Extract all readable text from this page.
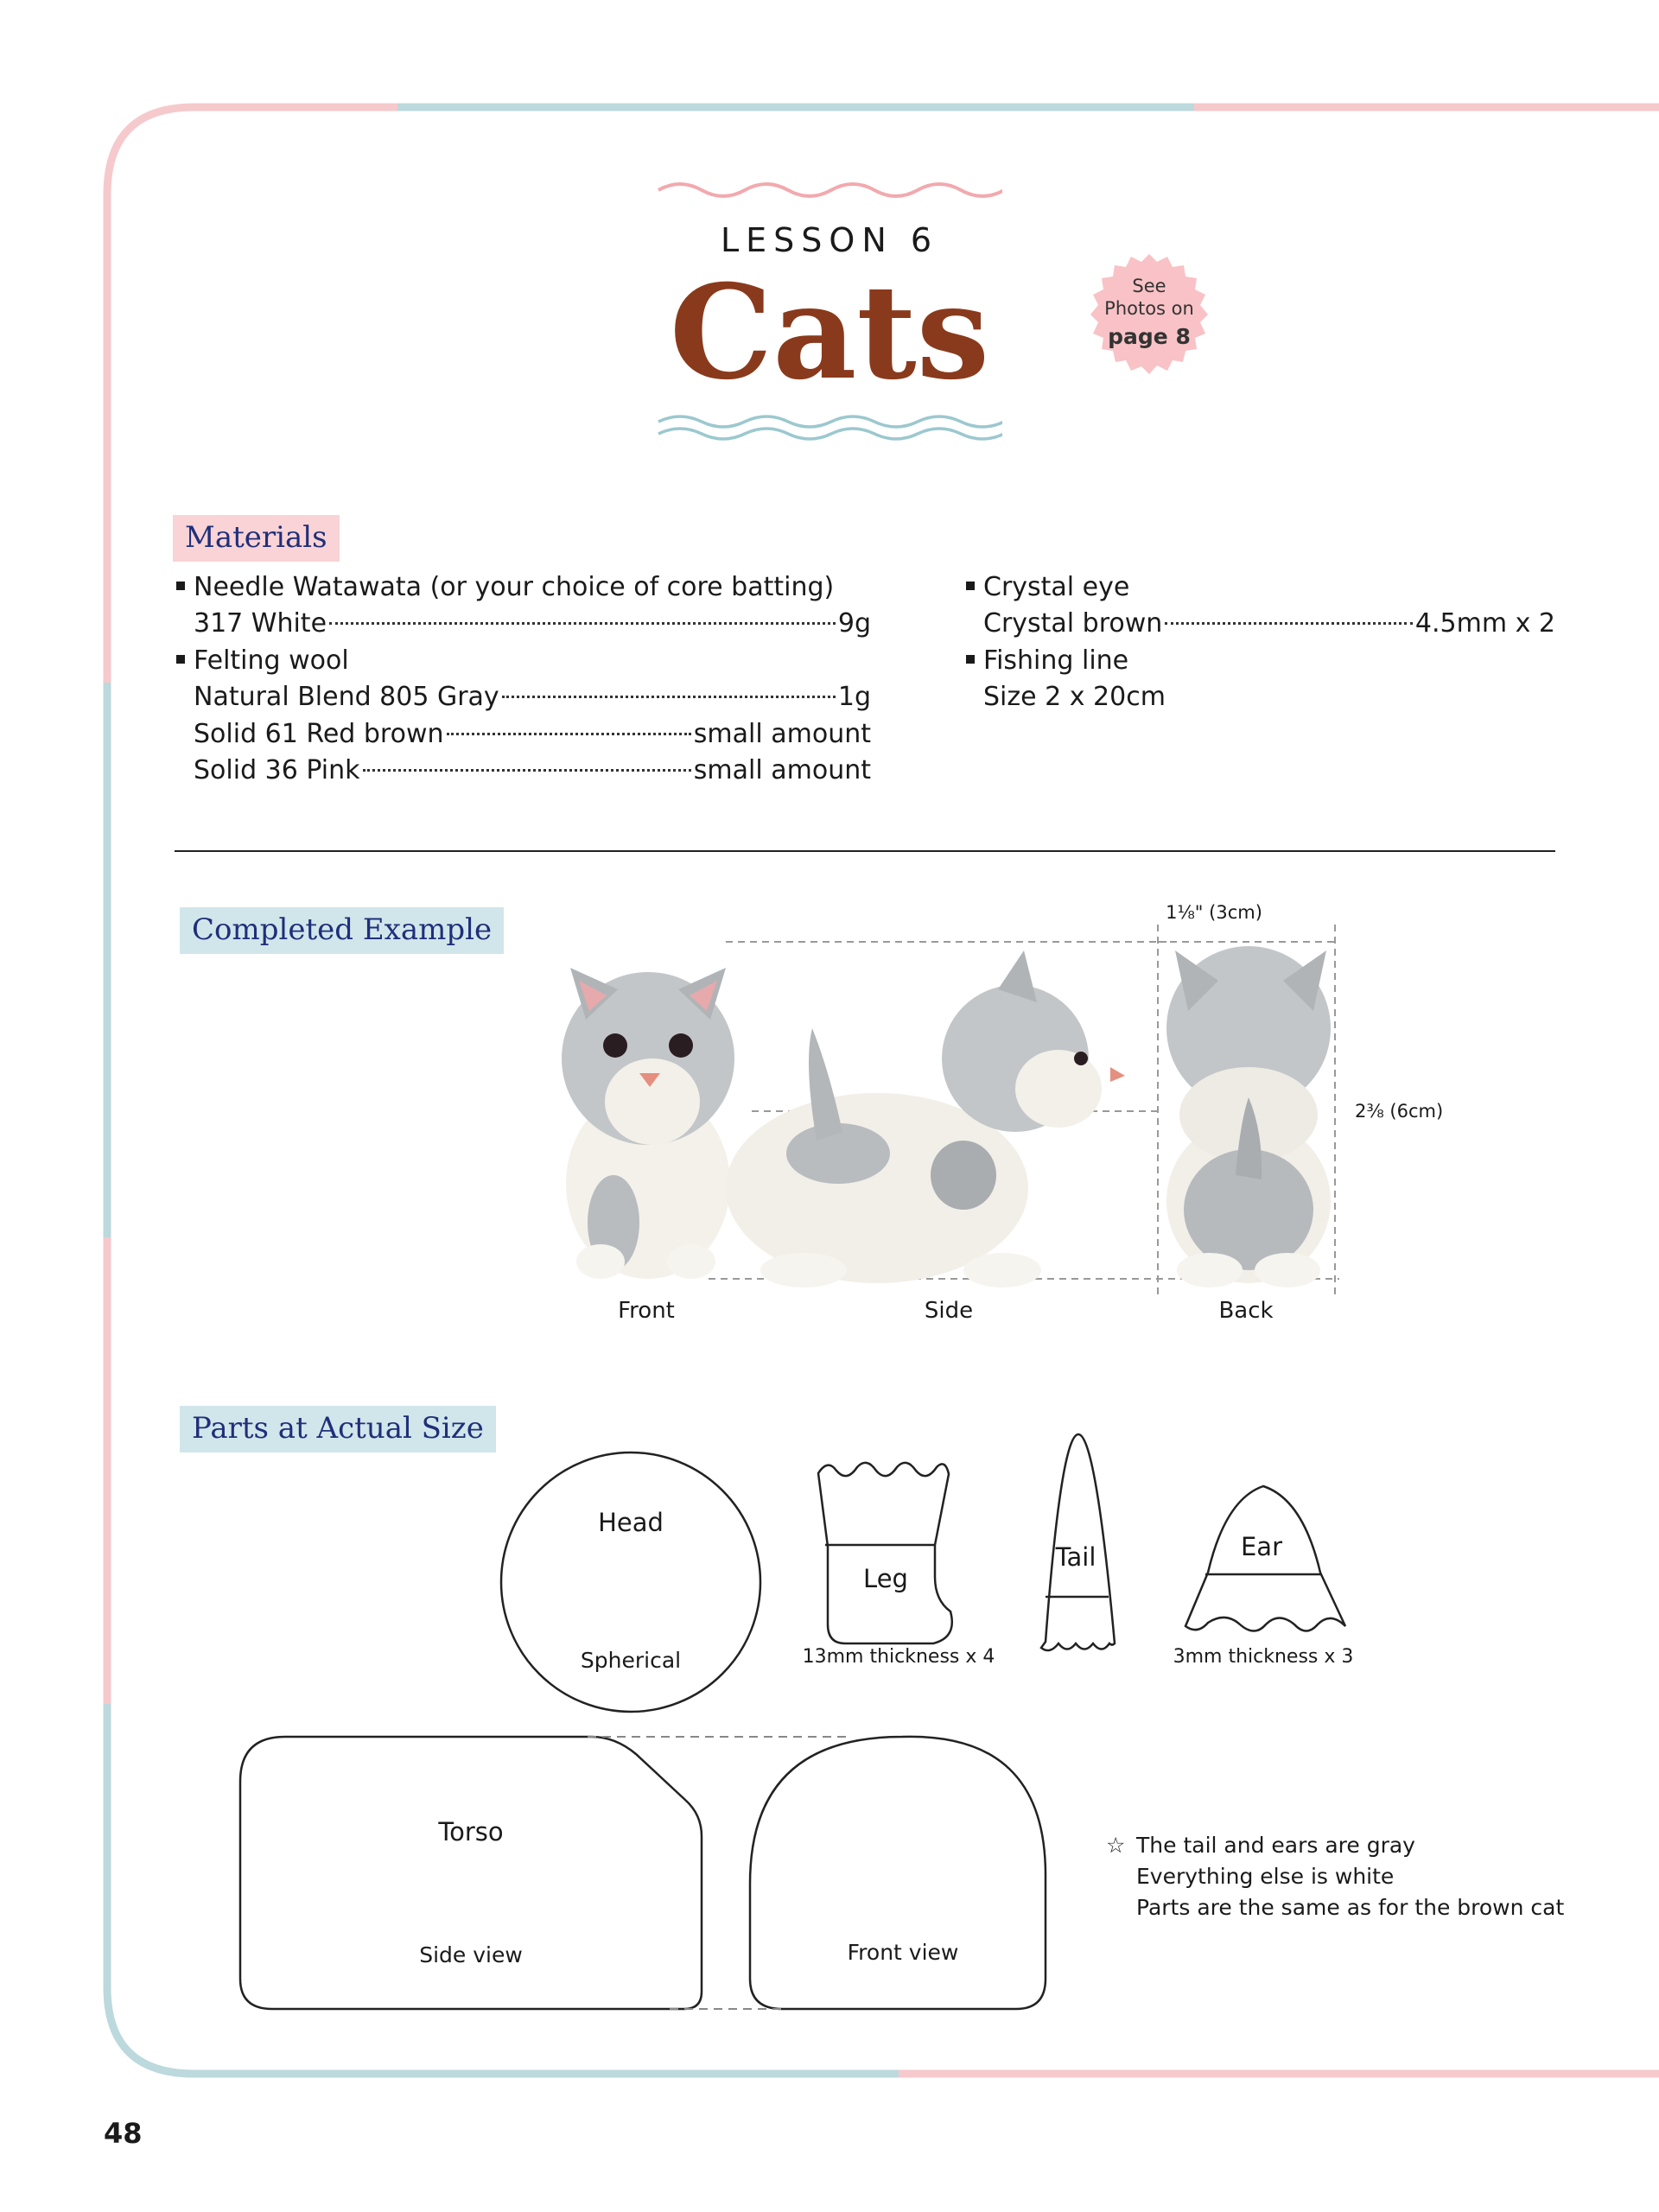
LESSON 6
Cats	See
Photos on
page 8
Materials
Needle Watawata (or your choice of core batting)
317 White	9g
Felting wool
Natural Blend 805 Gray	1g
Solid 61 Red brown	small amount
Solid 36 Pink	small amount
Crystal eye
Crystal brown	4.5mm x 2
Fishing line
Size 2 x 20cm
Completed Example	1⅛" (3cm)
2⅜ (6cm)
Front	Side	Back
Parts at Actual Size
Head
Spherical
Leg
13mm thickness x 4
Tail	Ear
3mm thickness x 3
Torso
Side view	Front view
☆ The tail and ears are gray
Everything else is white
Parts are the same as for the brown cat
48
